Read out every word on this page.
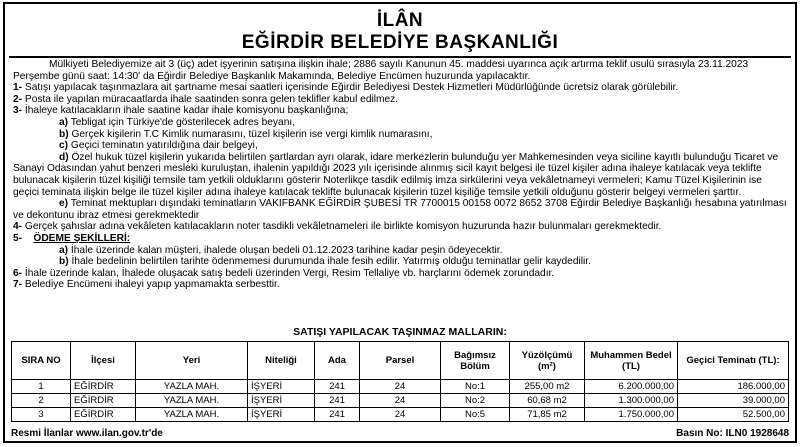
İLÂN
EĞİRDİR BELEDİYE BAŞKANLIĞI

Mülkiyeti Belediyemize ait 3 (üç) adet işyerinin satışına ilişkin ihale; 2886 sayılı Kanunun 45. maddesi uyarınca açık artırma teklif usulü sırasıyla 23.11.2023 Perşembe günü saat: 14:30' da Eğirdir Belediye Başkanlık Makamında, Belediye Encümen huzurunda yapılacaktır.

1- Satışı yapılacak taşınmazlara ait şartname mesai saatleri içerisinde Eğirdir Belediyesi Destek Hizmetleri Müdürlüğünde ücretsiz olarak görülebilir.

2- Posta ile yapılan müracaatlarda ihale saatinden sonra gelen teklifler kabul edilmez.

3- İhaleye katılacakların ihale saatine kadar ihale komisyonu başkanlığına;

a) Tebligat için Türkiye'de gösterilecek adres beyanı,

b) Gerçek kişilerin T.C Kimlik numarasını, tüzel kişilerin ise vergi kimlik numarasını,

c) Geçici teminatın yatırıldığına dair belgeyi,

d) Özel hukuk tüzel kişilerin yukarıda belirtilen şartlardan ayrı olarak, idare merkezlerin bulunduğu yer Mahkemesinden veya siciline kayıtlı bulunduğu Ticaret ve Sanayi Odasından yahut benzeri mesleki kuruluştan, ihalenin yapıldığı 2023 yılı içerisinde alınmış sicil kayıt belgesi ile tüzel kişiler adına ihaleye katılacak veya teklifte bulunacak kişilerin tüzel kişiliği temsile tam yetkili olduklarını gösterir Noterlikçe tasdik edilmiş imza sirkülerini veya vekâletnameyi vermeleri; Kamu Tüzel Kişilerinin ise geçici teminata ilişkin belge ile tüzel kişiler adına ihaleye katılacak teklifte bulunacak kişilerin tüzel kişiliğe temsile yetkili olduğunu gösterir belgeyi vermeleri şarttır.

e) Teminat mektupları dışındaki teminatların VAKIFBANK EĞİRDİR ŞUBESİ TR 7700015 00158 0072 8652 3708 Eğirdir Belediye Başkanlığı hesabına yatırılması ve dekontunu ibraz etmesi gerekmektedir

4- Gerçek şahıslar adına vekâleten katılacakların noter tasdikli vekâletnameleri ile birlikte komisyon huzurunda hazır bulunmaları gerekmektedir.

5- ÖDEME ŞEKİLLERİ:

a) İhale üzerinde kalan müşteri, ihalede oluşan bedeli 01.12.2023 tarihine kadar peşin ödeyecektir.

b) İhale bedelinin belirtilen tarihte ödenmemesi durumunda ihale fesih edilir. Yatırmış olduğu teminatlar gelir kaydedilir.

6- İhale üzerinde kalan, İhalede oluşacak satış bedeli üzerinden Vergi, Resim Tellaliye vb. harçlarını ödemek zorundadır.

7- Belediye Encümeni ihaleyi yapıp yapmamakta serbesttir.

SATIŞI YAPILACAK TAŞINMAZ MALLARIN:
SIRA NO	İlçesi	Yeri	Niteliği	Ada	Parsel	Bağımsız Bölüm	Yüzölçümü (m²)	Muhammen Bedel (TL)	Geçici Teminatı (TL):
1	EĞİRDİR	YAZLA MAH.	İŞYERİ	241	24	No:1	255,00 m2	6.200.000,00	186.000,00
2	EĞİRDİR	YAZLA MAH.	İŞYERİ	241	24	No:2	60,68 m2	1.300.000,00	39.000,00
3	EĞİRDİR	YAZLA MAH.	İŞYERİ	241	24	No:5	71,85 m2	1.750.000,00	52.500,00
Resmi İlanlar www.ilan.gov.tr'de	Basın No: ILN0 1928648
